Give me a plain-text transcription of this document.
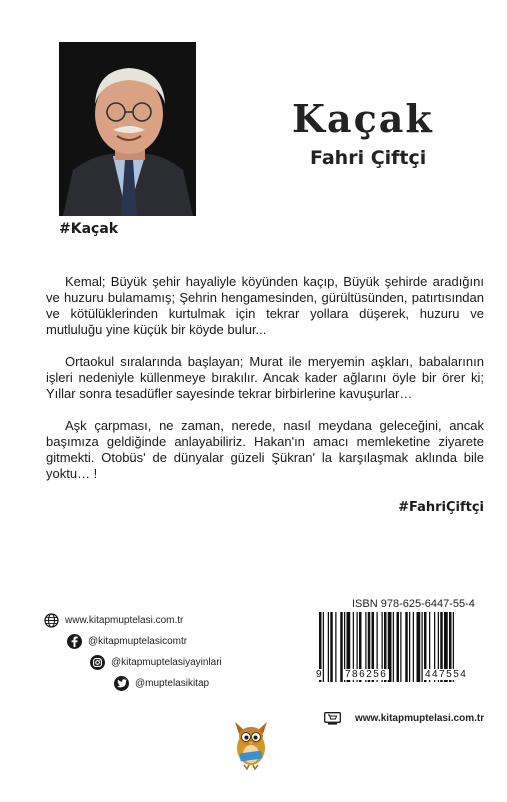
Kaçak
Fahri Çiftçi
#Kaçak

Kemal; Büyük şehir hayaliyle köyünden kaçıp, Büyük şehirde aradığını ve huzuru bulamamış; Şehrin hengamesinden, gürültüsünden, patırtısından ve kötülüklerinden kurtulmak için tekrar yollara düşerek, huzuru ve mutluluğu yine küçük bir köyde bulur...

Ortaokul sıralarında başlayan; Murat ile meryemin aşkları, babalarının işleri nedeniyle küllenmeye bırakılır. Ancak kader ağlarını öyle bir örer ki; Yıllar sonra tesadüfler sayesinde tekrar birbirlerine kavuşurlar…

Aşk çarpması, ne zaman, nerede, nasıl meydana geleceğini, ancak başımıza geldiğinde anlayabiliriz. Hakan'ın amacı memleketine ziyarete gitmekti. Otobüs' de dünyalar güzeli Şükran' la karşılaşmak aklında bile yoktu… !

#FahriÇiftçi
www.kitapmuptelasi.com.tr
@kitapmuptelasicomtr
@kitapmuptelasiyayinlari
@muptelasikitap
ISBN 978-625-6447-55-4
9 786256	447554
www.kitapmuptelasi.com.tr
